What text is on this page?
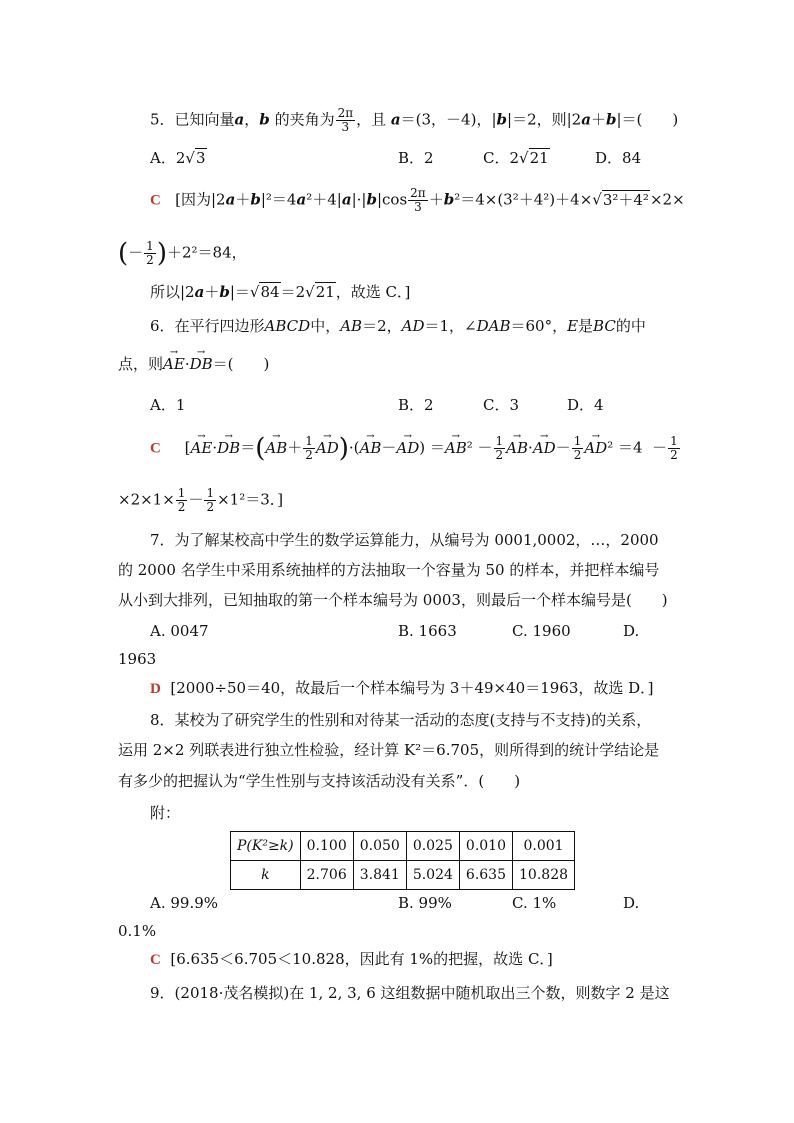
5．已知向量a，b 的夹角为 $\frac{2\pi}{3}$ ，且 a＝(3，－4)，|b|＝2，则|2a＋b|＝(　　)
A．2√3	B．2	C．2√21	D．84
C [因为$|2a+b|^2=4a^2+4|a|\cdot|b|\cos \frac{2\pi}{3} +b^2=4\times(3^2+4^2)+4\times√3^2+4^2\times 2\times$
(－ $\frac{1}{2} )+2^2=84$，
所以|2a＋b|＝√84＝2√21，故选 C．]
6．在平行四边形ABCD中，AB＝2，AD＝1，∠DAB＝60°，E是BC的中
点，则→ AE·→ DB＝(　　)
A．1	B．2	C．3	D．4
C     [→ $AE\cdot\to DB=(\to AB+ \frac{1}{2} \to AD)\cdot(\to AB-\to AD) =\to AB^2 - \frac{1}{2} \to AB\cdot\to AD- \frac{1}{2} \to AD^2 =4 - \frac{1}{2}$
$\times 2\times 1\times \frac{1}{2} - \frac{1}{2} \times 1^2=3$．]
7．为了解某校高中学生的数学运算能力，从编号为 0001,0002，…，2000
的 2000 名学生中采用系统抽样的方法抽取一个容量为 50 的样本，并把样本编号
从小到大排列，已知抽取的第一个样本编号为 0003，则最后一个样本编号是(　　)
A. 0047	B. 1663	C. 1960	D.
1963
D [2000÷50＝40，故最后一个样本编号为 3＋49×40＝1963，故选 D．]
8．某校为了研究学生的性别和对待某一活动的态度(支持与不支持)的关系，
运用 2×2 列联表进行独立性检验，经计算 K²＝6.705，则所得到的统计学结论是
有多少的把握认为“学生性别与支持该活动没有关系”．(　　)
附：
P(K²≥k)	0.100	0.050	0.025	0.010	0.001
k	2.706	3.841	5.024	6.635	10.828
A. 99.9%	B. 99%	C. 1%	D.
0.1%
C [6.635＜6.705＜10.828，因此有 1%的把握，故选 C．]
9．(2018·茂名模拟)在 1, 2, 3, 6 这组数据中随机取出三个数，则数字 2 是这
